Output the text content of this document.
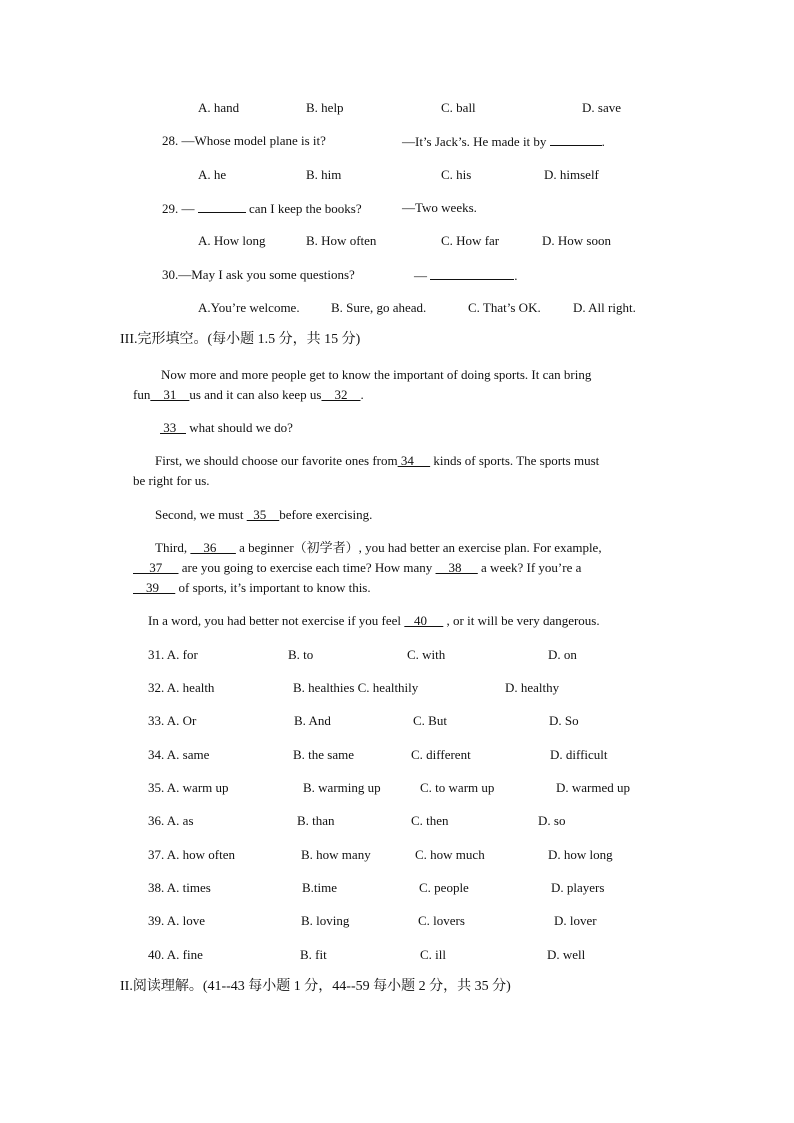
A. hand	B. help	C. ball	D. save
28. —Whose model plane is it?	—It’s Jack’s. He made it by	.
A. he	B. him	C. his	D. himself
29. —	can I keep the books?	—Two weeks.
A. How long	B. How often	C. How far	D. How soon
30.—May I ask you some questions?	—	.
A.You’re welcome. B. Sure, go ahead.	C. That’s OK. D. All right.
III.完形填空。(每小题 1.5 分，共 15 分)
Now more and more people get to know the important of doing sports. It can bring
fun    31    us and it can also keep us    32    .
33    what should we do?
First, we should choose our favorite ones from 34      kinds of sports. The sports must
be right for us.
Second, we must   35    before exercising.
Third,     36       a beginner（初学者）, you had better an exercise plan. For example,
37      are you going to exercise each time? How many     38      a week? If you’re a
39      of sports, it’s important to know this.
In a word, you had better not exercise if you feel    40      , or it will be very dangerous.
31. A. for	B. to	C. with	D. on
32. A. health	B. healthies C. healthily	D. healthy
33. A. Or	B. And	C. But	D. So
34. A. same	B. the same	C. different	D. difficult
35. A. warm up	B. warming up	C. to warm up	D. warmed up
36. A. as	B. than	C. then	D. so
37. A. how often	B. how many	C. how much	D. how long
38. A. times	B.time	C. people	D. players
39. A. love	B. loving	C. lovers	D. lover
40. A. fine	B. fit	C. ill	D. well
II.阅读理解。(41--43 每小题 1 分，44--59 每小题 2 分，共 35 分)
